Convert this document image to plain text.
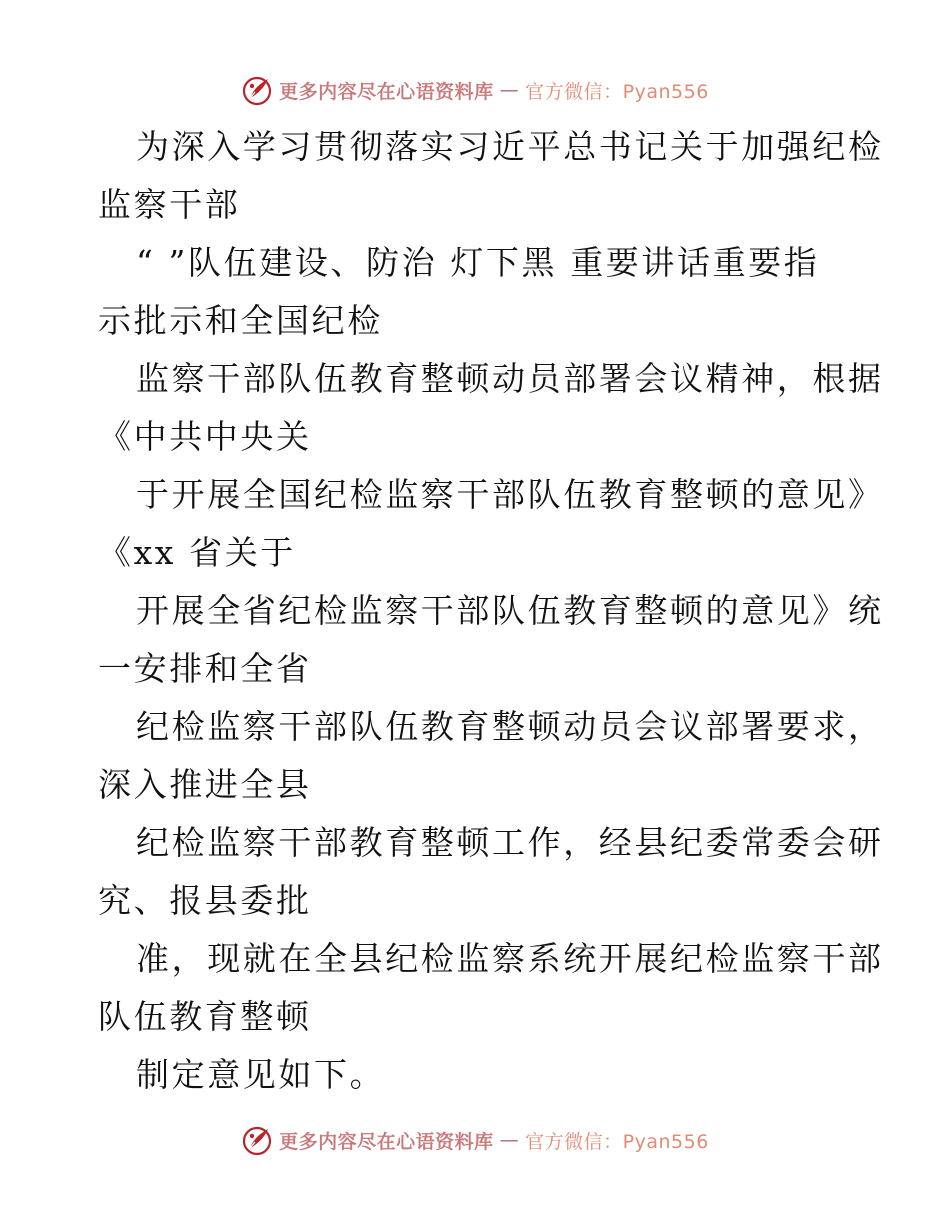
更多内容尽在心语资料库 — 官方微信：Pyan556
为深入学习贯彻落实习近平总书记关于加强纪检
监察干部
“ ”队伍建设、防治 灯下黑 重要讲话重要指
示批示和全国纪检
监察干部队伍教育整顿动员部署会议精神，根据
《中共中央关
于开展全国纪检监察干部队伍教育整顿的意见》
《xx 省关于
开展全省纪检监察干部队伍教育整顿的意见》统
一安排和全省
纪检监察干部队伍教育整顿动员会议部署要求，
深入推进全县
纪检监察干部教育整顿工作，经县纪委常委会研
究、报县委批
准，现就在全县纪检监察系统开展纪检监察干部
队伍教育整顿
制定意见如下。
更多内容尽在心语资料库 — 官方微信：Pyan556
